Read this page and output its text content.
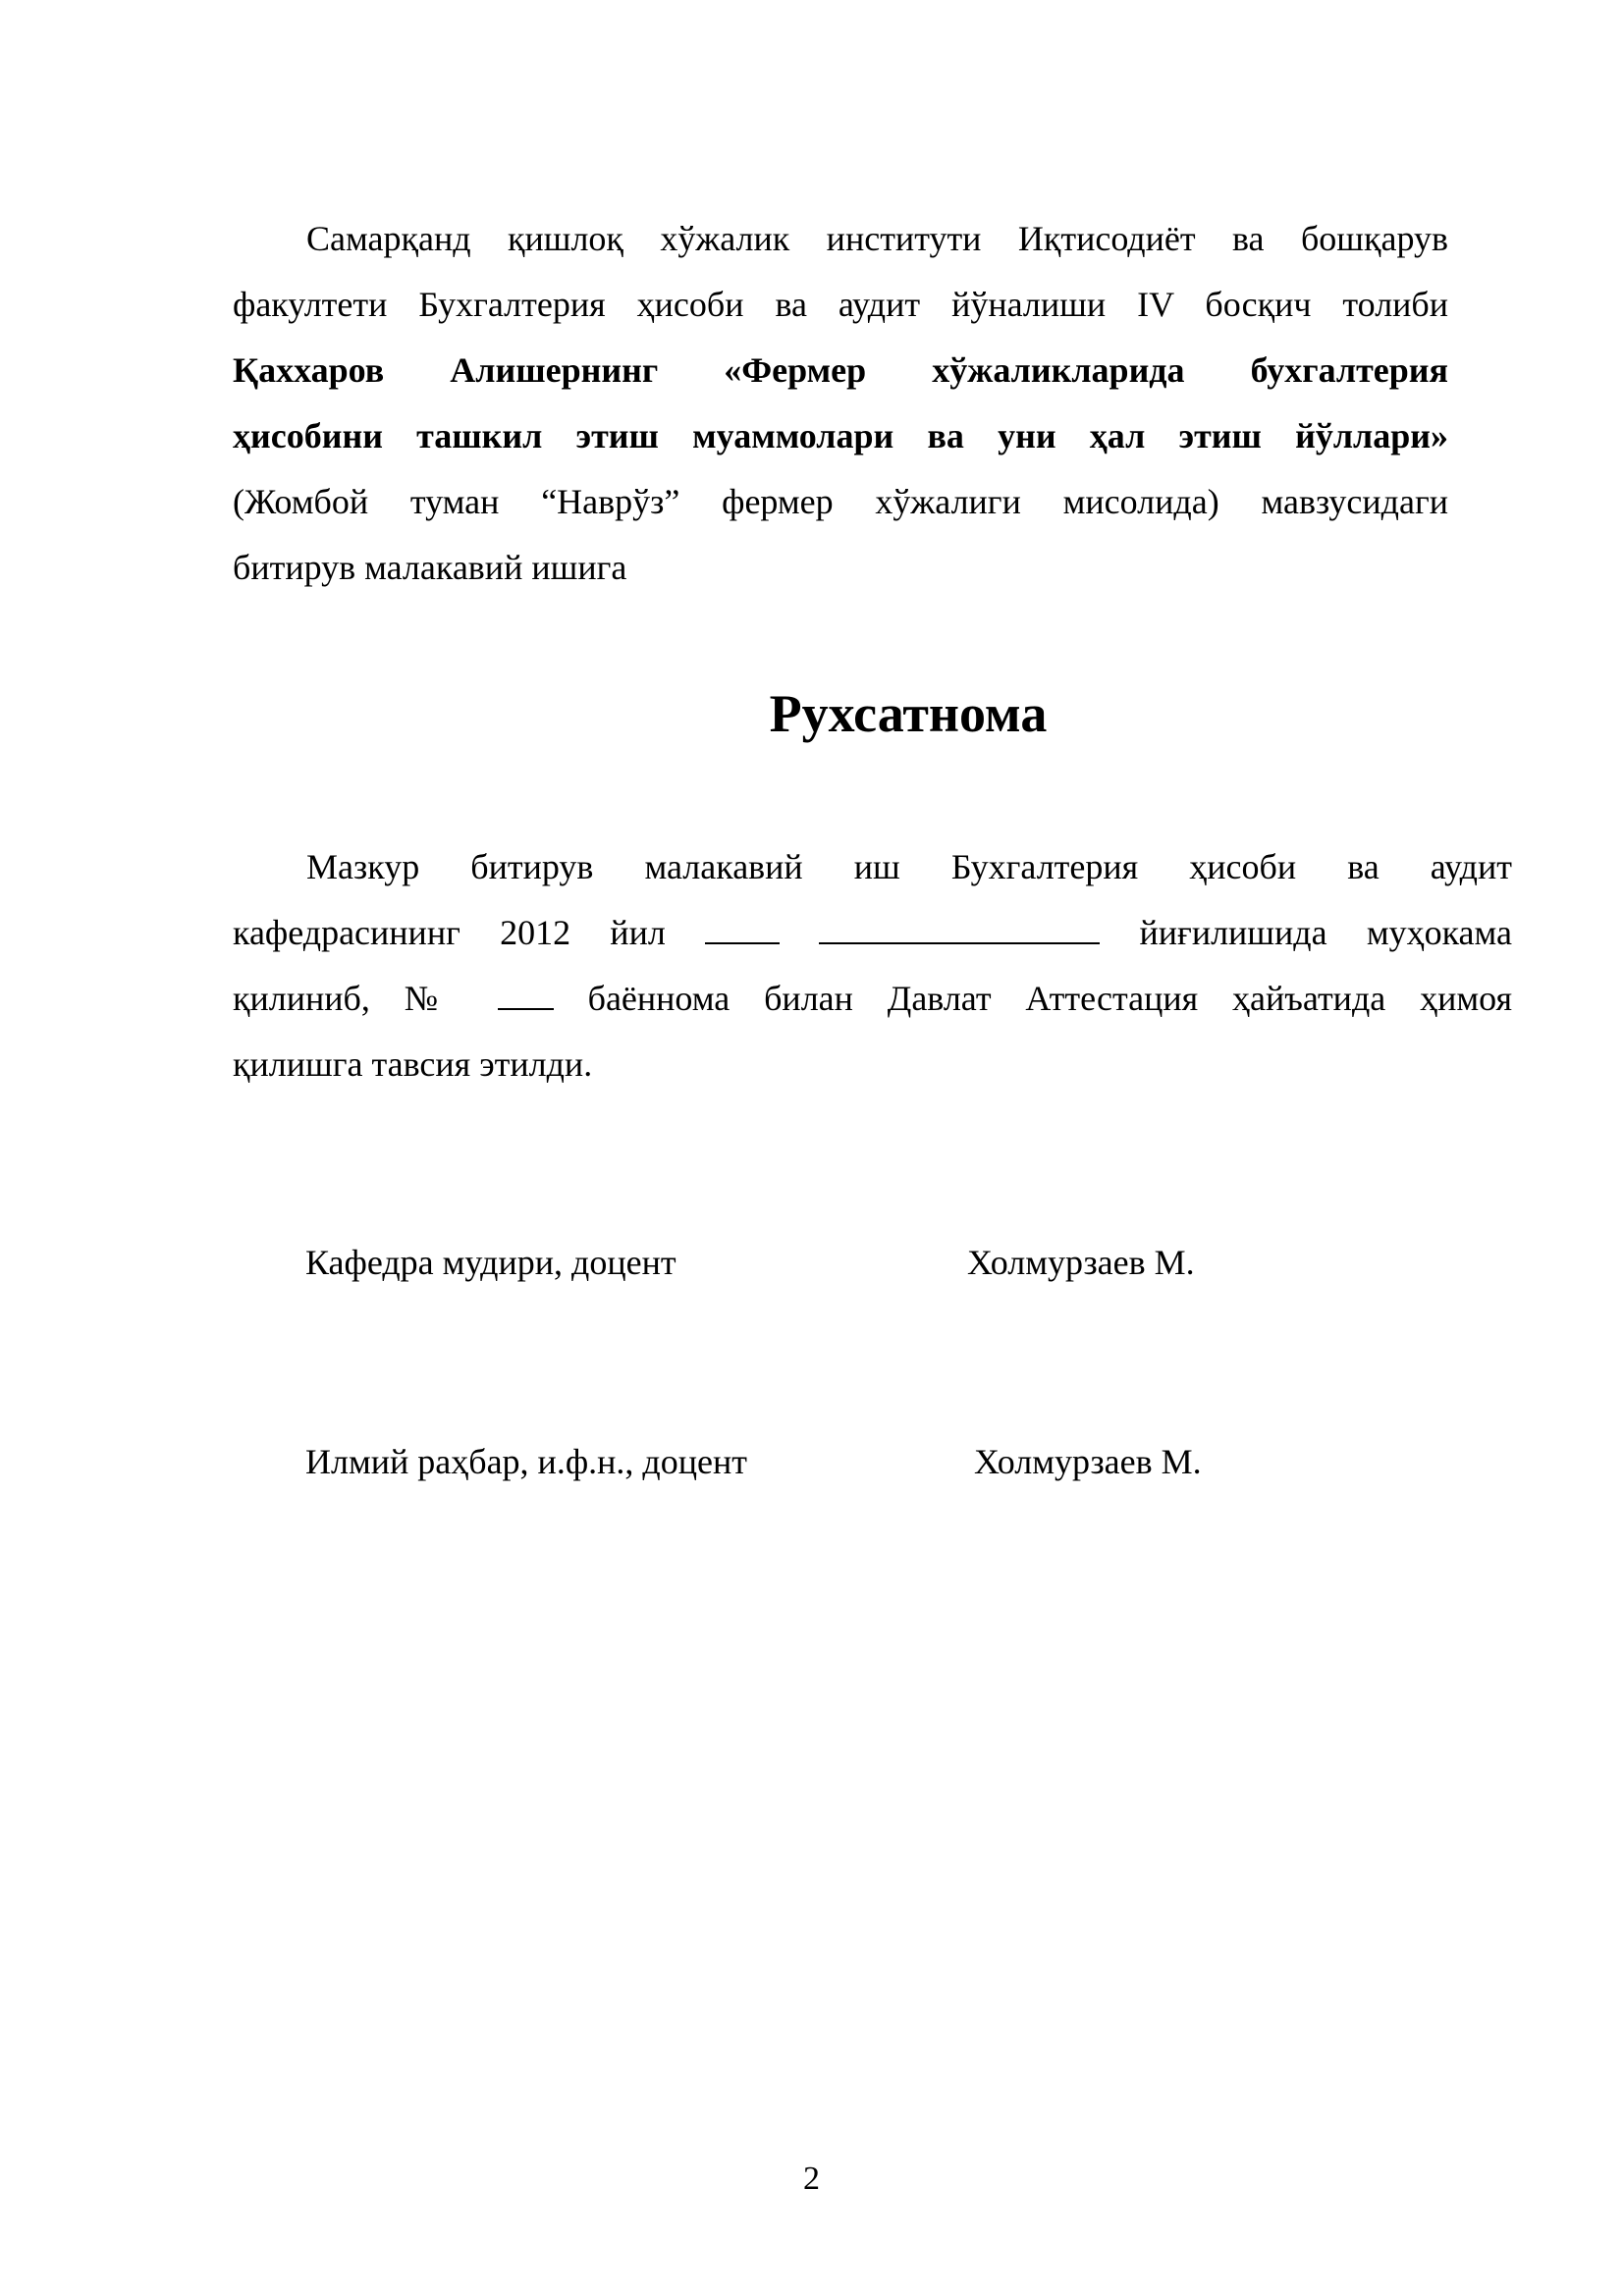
Самарқанд қишлоқ хўжалик институти Иқтисодиёт ва бошқарув
факултети Бухгалтерия ҳисоби ва аудит йўналиши IV босқич толиби
Қаххаров Алишернинг «Фермер хўжаликларида бухгалтерия
ҳисобини ташкил этиш муаммолари ва уни ҳал этиш йўллари»
(Жомбой туман “Наврўз” фермер хўжалиги мисолида) мавзусидаги
битирув малакавий ишига
Рухсатнома
Мазкур битирув малакавий иш Бухгалтерия ҳисоби ва аудит
кафедрасининг 2012 йил	йиғилишида муҳокама
қилиниб, №	баённома билан Давлат Аттестация ҳайъатида ҳимоя
қилишга тавсия этилди.
Кафедра мудири, доцент	Холмурзаев М.
Илмий раҳбар, и.ф.н., доцент	Холмурзаев М.
2
